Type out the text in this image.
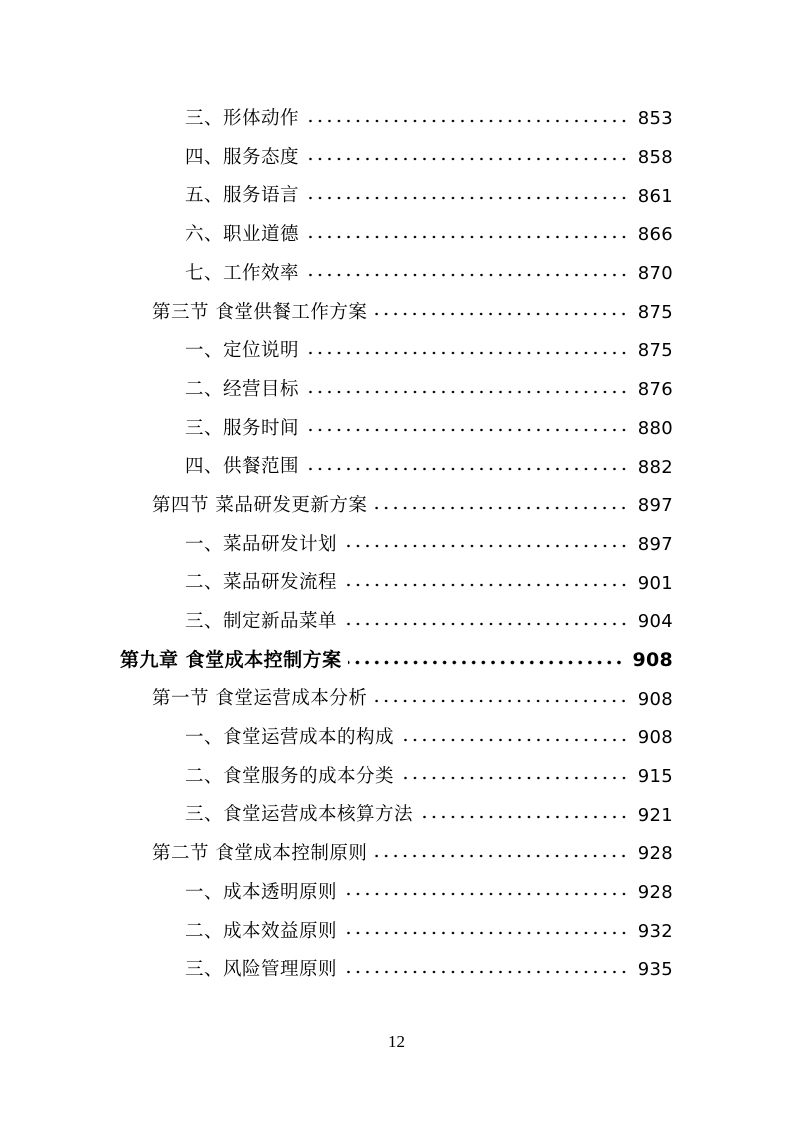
三、形体动作	853
四、服务态度	858
五、服务语言	861
六、职业道德	866
七、工作效率	870
第三节 食堂供餐工作方案	875
一、定位说明	875
二、经营目标	876
三、服务时间	880
四、供餐范围	882
第四节 菜品研发更新方案	897
一、菜品研发计划	897
二、菜品研发流程	901
三、制定新品菜单	904
第九章 食堂成本控制方案	908
第一节 食堂运营成本分析	908
一、食堂运营成本的构成	908
二、食堂服务的成本分类	915
三、食堂运营成本核算方法	921
第二节 食堂成本控制原则	928
一、成本透明原则	928
二、成本效益原则	932
三、风险管理原则	935
12
